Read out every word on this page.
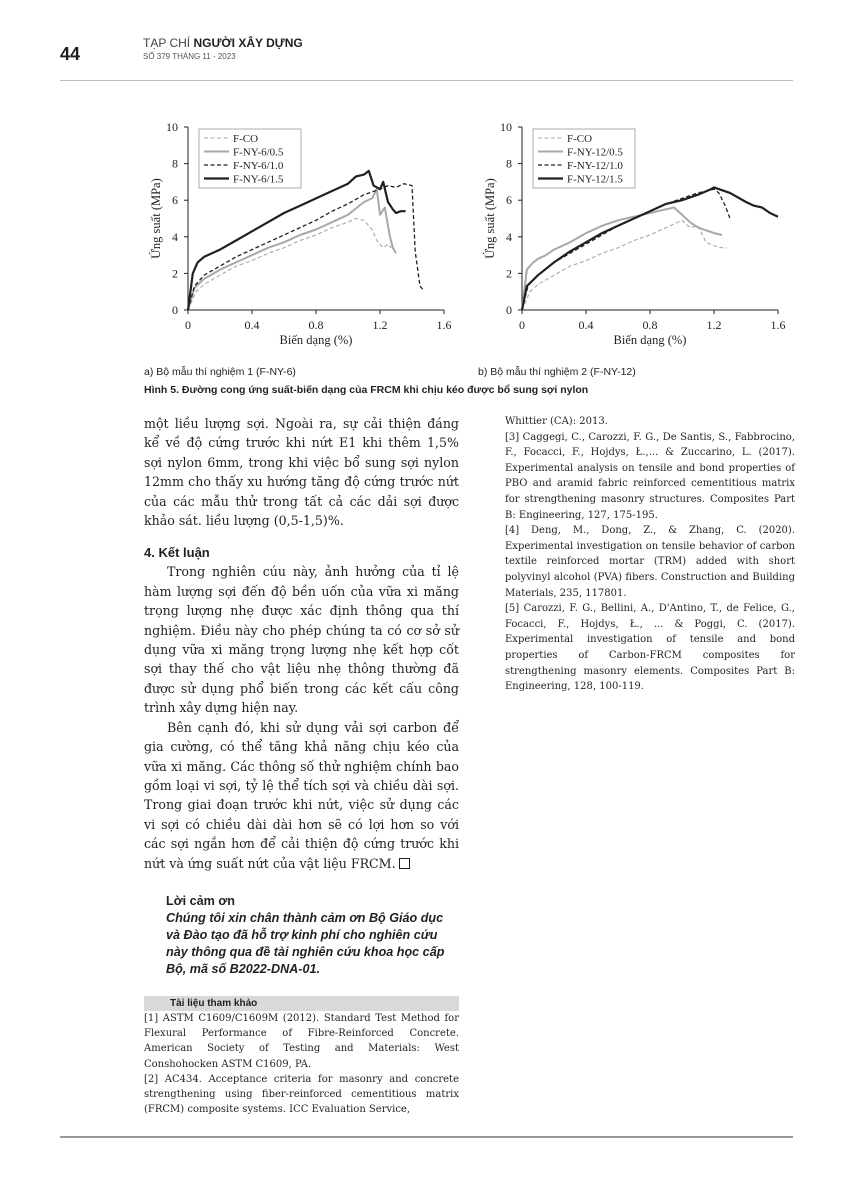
44
TẠP CHÍ NGƯỜI XÂY DỰNG
SỐ 379 THÁNG 11 - 2023
0
2
4
6
8
10
0	0.4	0.8	1.2	1.6
Biến dạng (%)
Ứng suất (MPa)
F-CO
F-NY-6/0.5
F-NY-6/1.0
F-NY-6/1.5
0
2
4
6
8
10
0	0.4	0.8	1.2	1.6
Biến dạng (%)
Ứng suất (MPa)
F-CO
F-NY-12/0.5
F-NY-12/1.0
F-NY-12/1.5
a) Bộ mẫu thí nghiệm 1 (F-NY-6)	b) Bộ mẫu thí nghiệm 2 (F-NY-12)
Hình 5. Đường cong ứng suất-biến dạng của FRCM khi chịu kéo được bổ sung sợi nylon

một liều lượng sợi. Ngoài ra, sự cải thiện đáng kể về độ cứng trước khi nứt E1 khi thêm 1,5% sợi nylon 6mm, trong khi việc bổ sung sợi nylon 12mm cho thấy xu hướng tăng độ cứng trước nứt của các mẫu thử trong tất cả các dải sợi được khảo sát. liều lượng (0,5-1,5)%.

4. Kết luận

Trong nghiên cúu này, ảnh hưởng của tỉ lệ hàm lượng sợi đến độ bền uốn của vữa xi măng trọng lượng nhẹ được xác định thông qua thí nghiệm. Điều này cho phép chúng ta có cơ sở sử dụng vữa xi măng trọng lượng nhẹ kết hợp cốt sợi thay thế cho vật liệu nhẹ thông thường đã được sử dụng phổ biến trong các kết cấu công trình xây dựng hiện nay.

Bên cạnh đó, khi sử dụng vải sợi carbon để gia cường, có thể tăng khả năng chịu kéo của vữa xi măng. Các thông số thử nghiệm chính bao gồm loại vi sợi, tỷ lệ thể tích sợi và chiều dài sợi. Trong giai đoạn trước khi nứt, việc sử dụng các vi sợi có chiều dài dài hơn sẽ có lợi hơn so với các sợi ngắn hơn để cải thiện độ cứng trước khi nứt và ứng suất nứt của vật liệu FRCM.

Lời cảm ơn
Chúng tôi xin chân thành cảm ơn Bộ Giáo dục và Đào tạo đã hỗ trợ kinh phí cho nghiên cứu này thông qua đề tài nghiên cứu khoa học cấp Bộ, mã số B2022-DNA-01.
Tài liệu tham khảo

[1] ASTM C1609/C1609M (2012). Standard Test Method for Flexural Performance of Fibre-Reinforced Concrete. American Society of Testing and Materials: West Conshohocken ASTM C1609, PA.

[2] AC434. Acceptance criteria for masonry and concrete strengthening using fiber-reinforced cementitious matrix (FRCM) composite systems. ICC Evaluation Service,

Whittier (CA): 2013.

[3] Caggegi, C., Carozzi, F. G., De Santis, S., Fabbrocino, F., Focacci, F., Hojdys, Ł.,... & Zuccarino, L. (2017). Experimental analysis on tensile and bond properties of PBO and aramid fabric reinforced cementitious matrix for strengthening masonry structures. Composites Part B: Engineering, 127, 175-195.

[4] Deng, M., Dong, Z., & Zhang, C. (2020). Experimental investigation on tensile behavior of carbon textile reinforced mortar (TRM) added with short polyvinyl alcohol (PVA) fibers. Construction and Building Materials, 235, 117801.

[5] Carozzi, F. G., Bellini, A., D'Antino, T., de Felice, G., Focacci, F., Hojdys, Ł., ... & Poggi, C. (2017). Experimental investigation of tensile and bond properties of Carbon-FRCM composites for strengthening masonry elements. Composites Part B: Engineering, 128, 100-119.
